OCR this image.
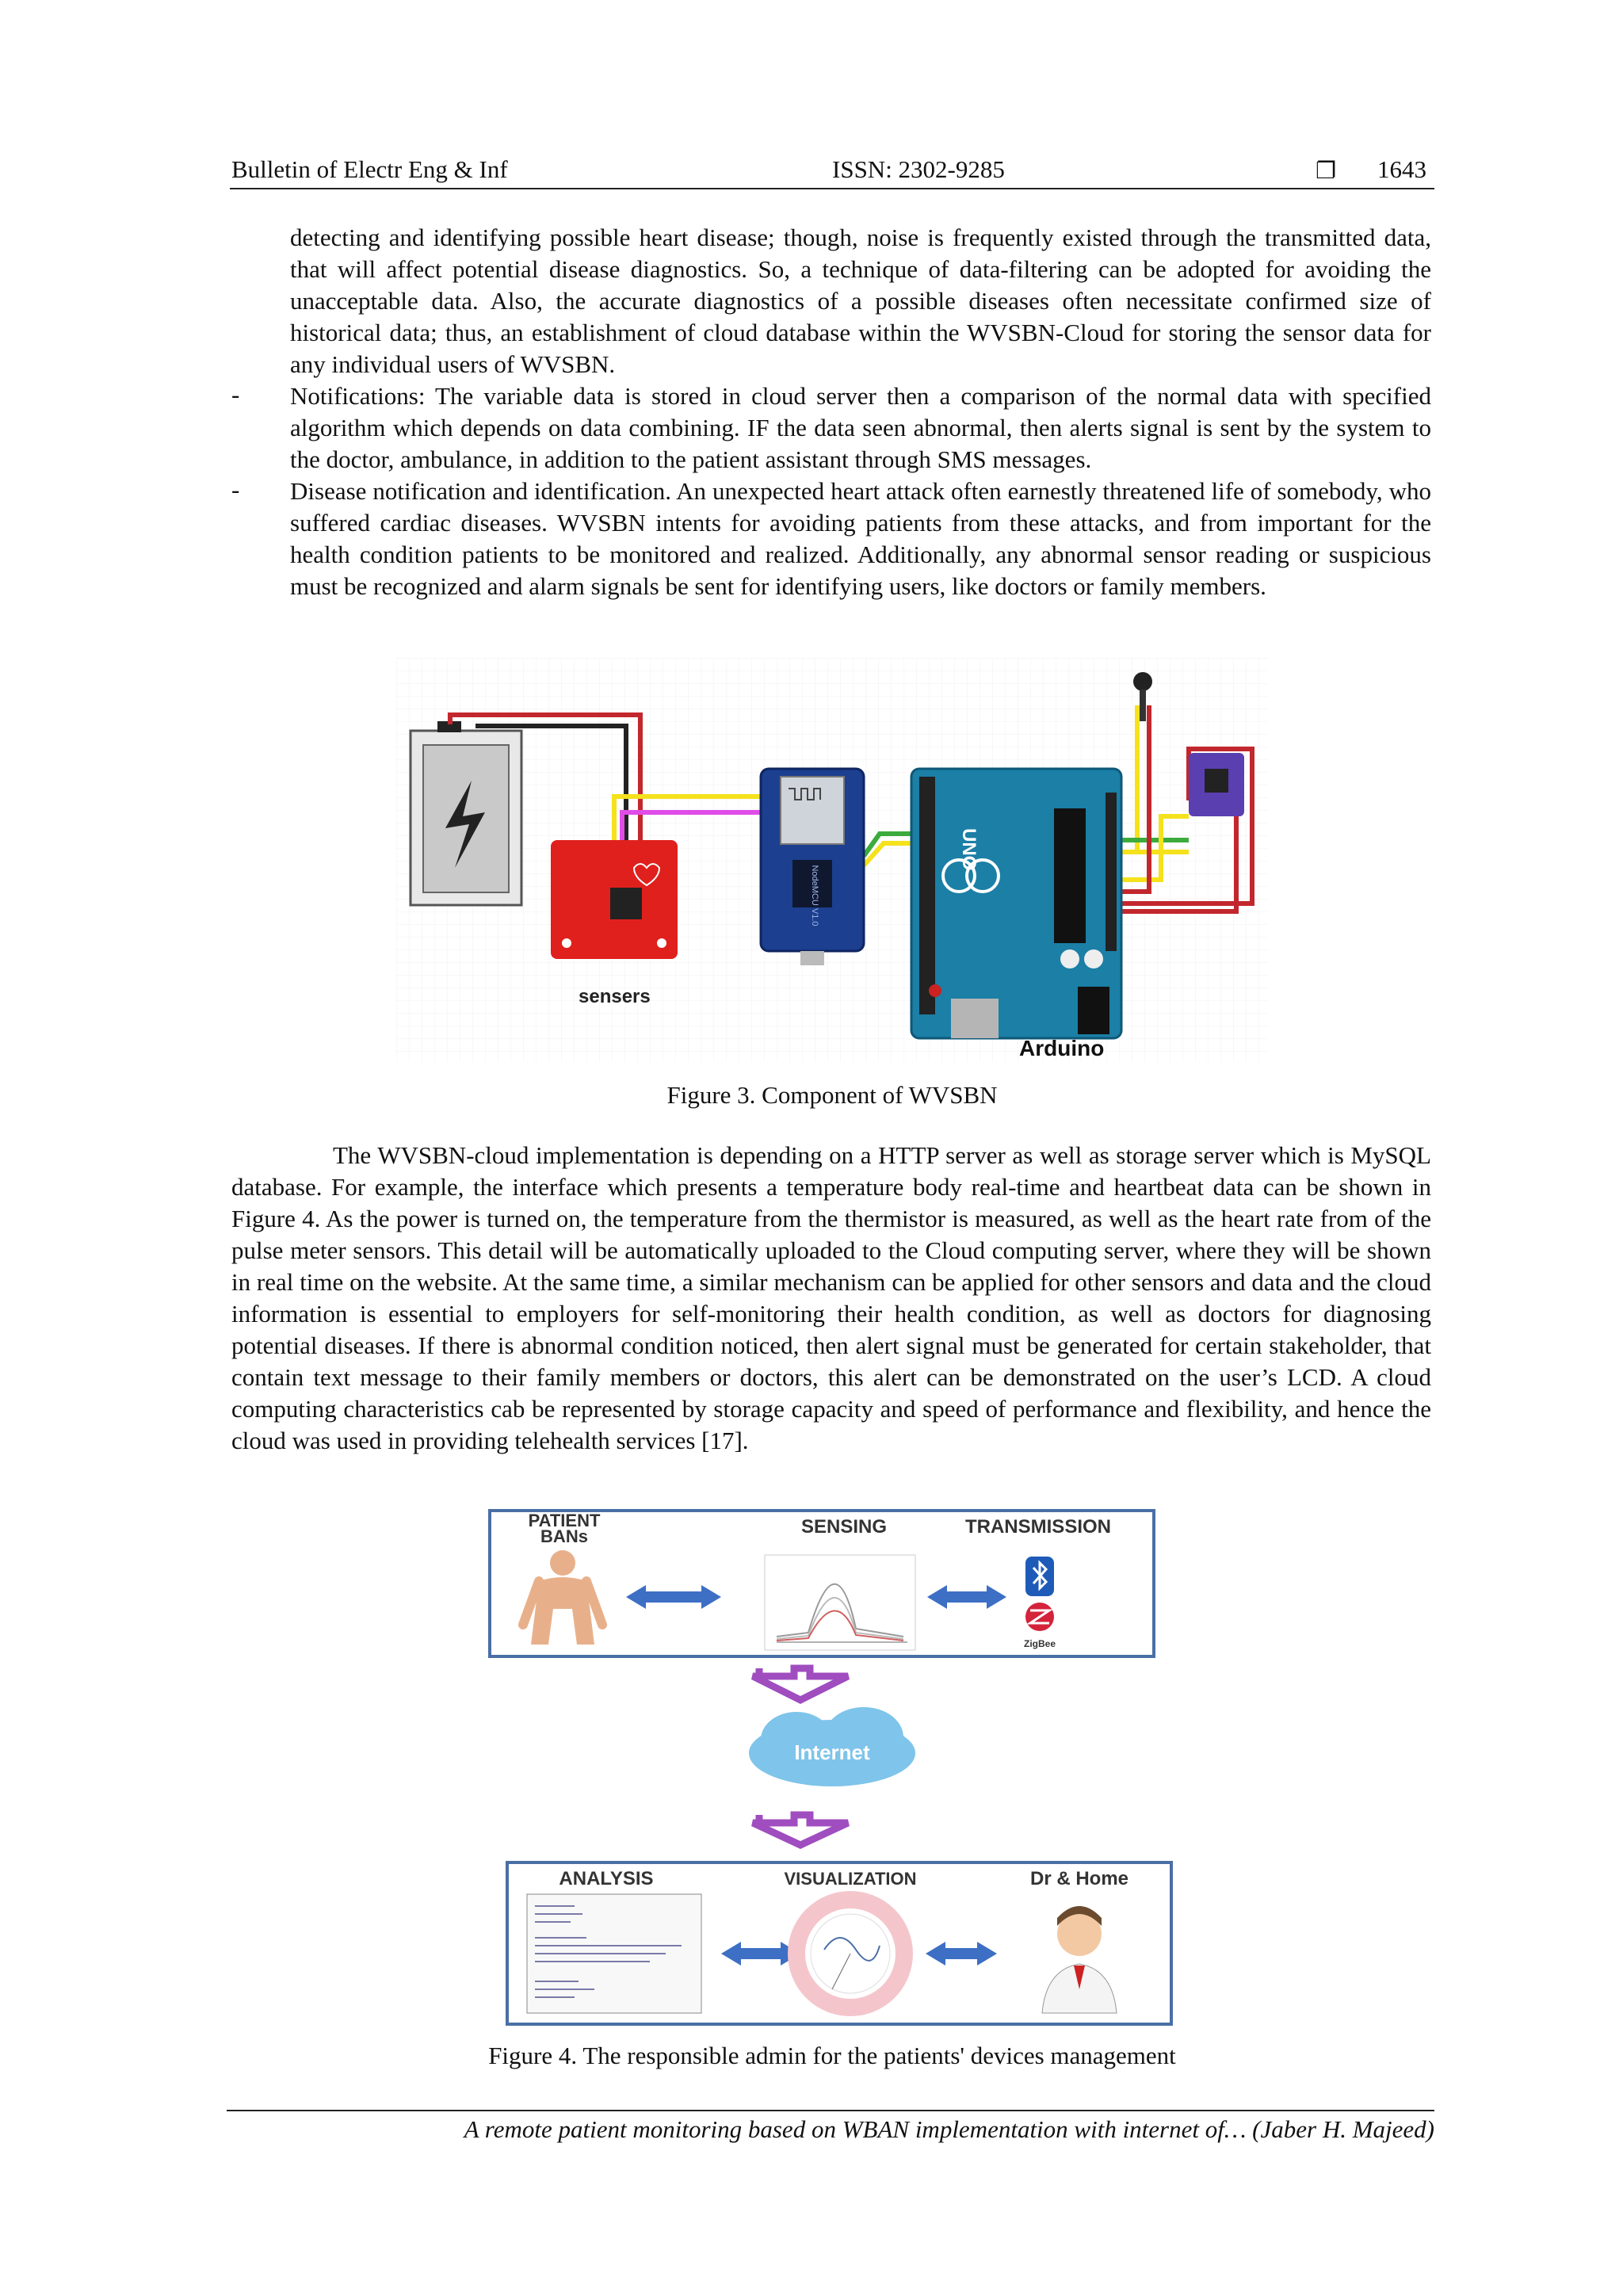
Bulletin of Electr Eng & Inf	ISSN: 2302-9285	❐ 1643
detecting and identifying possible heart disease; though, noise is frequently existed through the transmitted data, that will affect potential disease diagnostics. So, a technique of data-filtering can be adopted for avoiding the unacceptable data. Also, the accurate diagnostics of a possible diseases often necessitate confirmed size of historical data; thus, an establishment of cloud database within the WVSBN-Cloud for storing the sensor data for any individual users of WVSBN.
- Notifications: The variable data is stored in cloud server then a comparison of the normal data with specified algorithm which depends on data combining. IF the data seen abnormal, then alerts signal is sent by the system to the doctor, ambulance, in addition to the patient assistant through SMS messages.
- Disease notification and identification. An unexpected heart attack often earnestly threatened life of somebody, who suffered cardiac diseases. WVSBN intents for avoiding patients from these attacks, and from important for the health condition patients to be monitored and realized. Additionally, any abnormal sensor reading or suspicious must be recognized and alarm signals be sent for identifying users, like doctors or family members.
NodeMCU V1.0
UNO
sensers
Arduino
Figure 3. Component of WVSBN
The WVSBN-cloud implementation is depending on a HTTP server as well as storage server which is MySQL database. For example, the interface which presents a temperature body real-time and heartbeat data can be shown in Figure 4. As the power is turned on, the temperature from the thermistor is measured, as well as the heart rate from of the pulse meter sensors. This detail will be automatically uploaded to the Cloud computing server, where they will be shown in real time on the website. At the same time, a similar mechanism can be applied for other sensors and data and the cloud information is essential to employers for self-monitoring their health condition, as well as doctors for diagnosing potential diseases. If there is abnormal condition noticed, then alert signal must be generated for certain stakeholder, that contain text message to their family members or doctors, this alert can be demonstrated on the user’s LCD. A cloud computing characteristics cab be represented by storage capacity and speed of performance and flexibility, and hence the cloud was used in providing telehealth services [17].
PATIENT
BANs	SENSING	TRANSMISSION
ZigBee
Internet
ANALYSIS	VISUALIZATION	Dr & Home
Figure 4. The responsible admin for the patients' devices management
A remote patient monitoring based on WBAN implementation with internet of… (Jaber H. Majeed)
